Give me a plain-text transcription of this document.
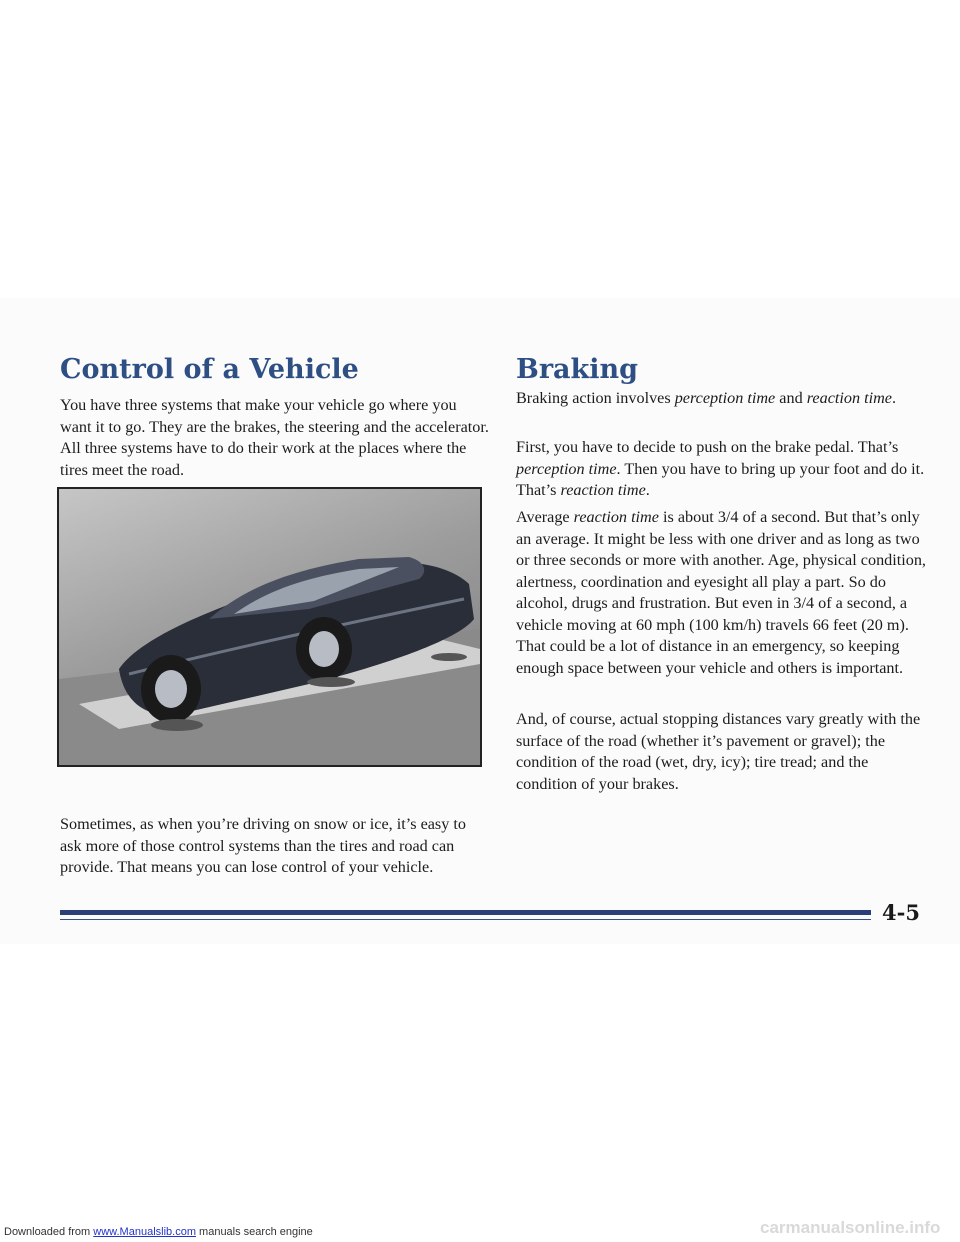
Control of a Vehicle

You have three systems that make your vehicle go where you want it to go. They are the brakes, the steering and the accelerator. All three systems have to do their work at the places where the tires meet the road.

Sometimes, as when you’re driving on snow or ice, it’s easy to ask more of those control systems than the tires and road can provide. That means you can lose control of your vehicle.

Braking

Braking action involves perception time and reaction time.

First, you have to decide to push on the brake pedal. That’s perception time. Then you have to bring up your foot and do it. That’s reaction time.

Average reaction time is about 3/4 of a second. But that’s only an average. It might be less with one driver and as long as two or three seconds or more with another. Age, physical condition, alertness, coordination and eyesight all play a part. So do alcohol, drugs and frustration. But even in 3/4 of a second, a vehicle moving at 60 mph (100 km/h) travels 66 feet (20 m). That could be a lot of distance in an emergency, so keeping enough space between your vehicle and others is important.

And, of course, actual stopping distances vary greatly with the surface of the road (whether it’s pavement or gravel); the condition of the road (wet, dry, icy); tire tread; and the condition of your brakes.

4-5
Downloaded from www.Manualslib.com manuals search engine	carmanualsonline.info
